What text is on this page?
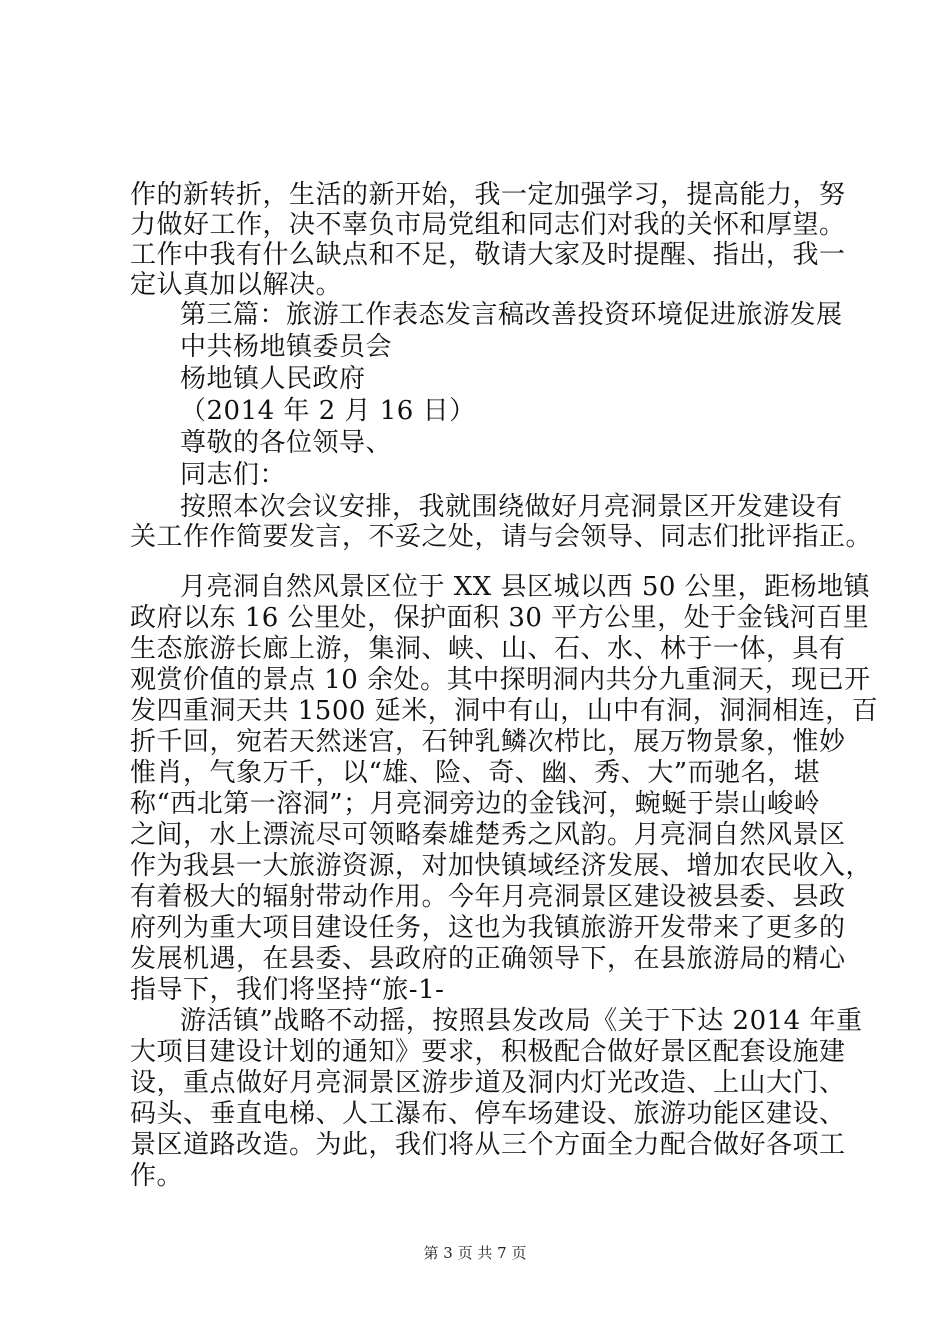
作的新转折，生活的新开始，我一定加强学习，提高能力，努
力做好工作，决不辜负市局党组和同志们对我的关怀和厚望。
工作中我有什么缺点和不足，敬请大家及时提醒、指出，我一
定认真加以解决。
第三篇：旅游工作表态发言稿改善投资环境促进旅游发展
中共杨地镇委员会
杨地镇人民政府
（2014 年 2 月 16 日）
尊敬的各位领导、
同志们：
按照本次会议安排，我就围绕做好月亮洞景区开发建设有
关工作作简要发言，不妥之处，请与会领导、同志们批评指正。
月亮洞自然风景区位于 XX 县区城以西 50 公里，距杨地镇
政府以东 16 公里处，保护面积 30 平方公里，处于金钱河百里
生态旅游长廊上游，集洞、峡、山、石、水、林于一体，具有
观赏价值的景点 10 余处。其中探明洞内共分九重洞天，现已开
发四重洞天共 1500 延米，洞中有山，山中有洞，洞洞相连，百
折千回，宛若天然迷宫，石钟乳鳞次栉比，展万物景象，惟妙
惟肖，气象万千，以“雄、险、奇、幽、秀、大”而驰名，堪
称“西北第一溶洞”；月亮洞旁边的金钱河，蜿蜒于崇山峻岭
之间，水上漂流尽可领略秦雄楚秀之风韵。月亮洞自然风景区
作为我县一大旅游资源，对加快镇域经济发展、增加农民收入，
有着极大的辐射带动作用。今年月亮洞景区建设被县委、县政
府列为重大项目建设任务，这也为我镇旅游开发带来了更多的
发展机遇，在县委、县政府的正确领导下，在县旅游局的精心
指导下，我们将坚持“旅-1-
游活镇”战略不动摇，按照县发改局《关于下达 2014 年重
大项目建设计划的通知》要求，积极配合做好景区配套设施建
设，重点做好月亮洞景区游步道及洞内灯光改造、上山大门、
码头、垂直电梯、人工瀑布、停车场建设、旅游功能区建设、
景区道路改造。为此，我们将从三个方面全力配合做好各项工
作。
第 3 页 共 7 页
